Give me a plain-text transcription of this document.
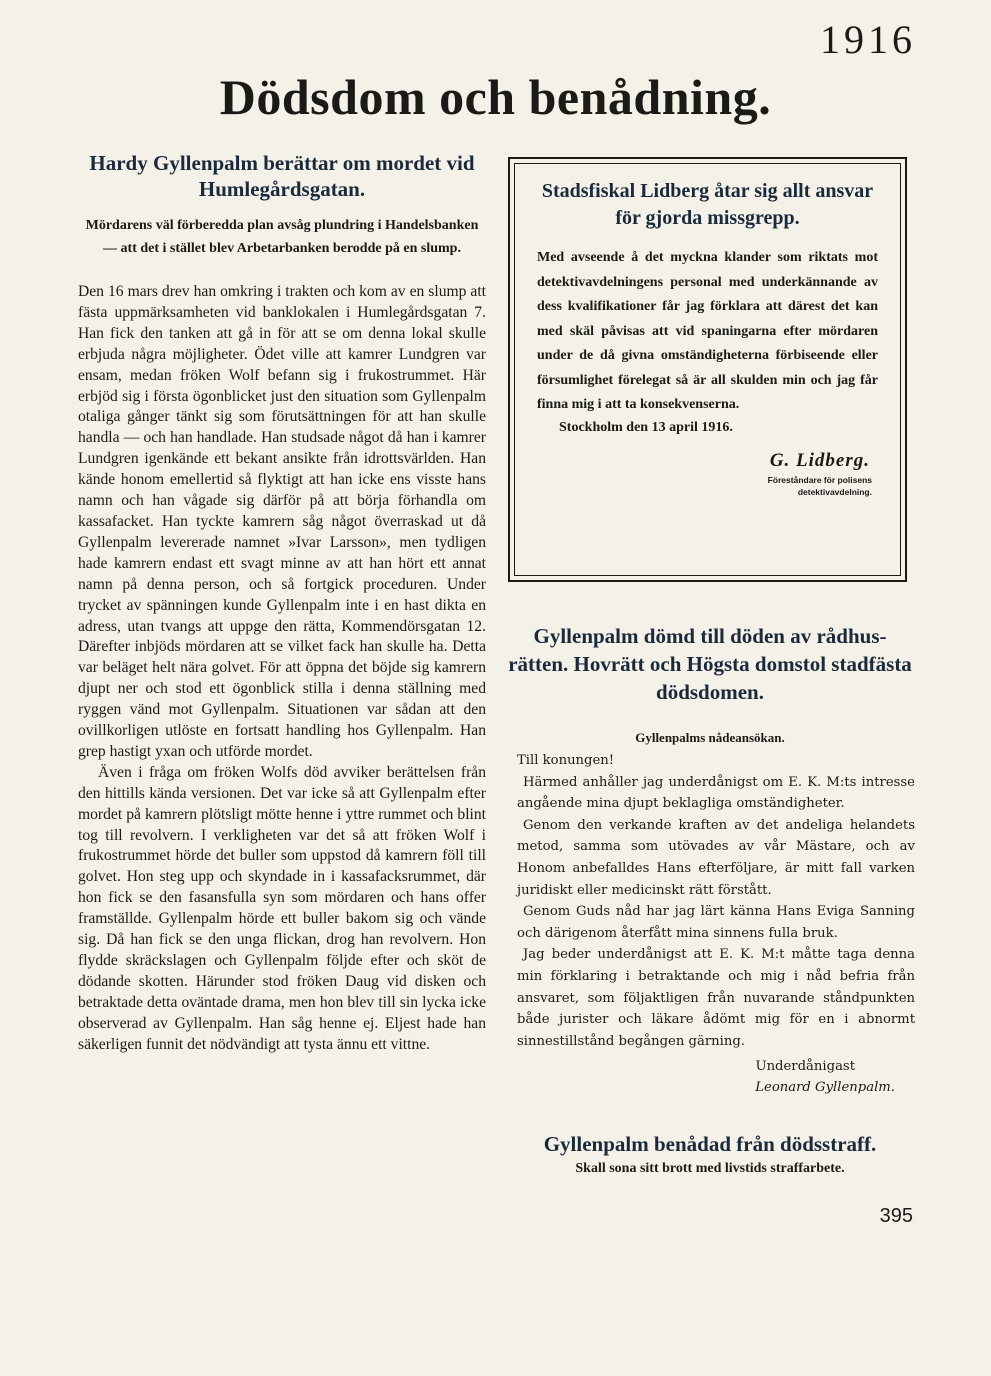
1916
Dödsdom och benådning.
Hardy Gyllenpalm berättar om mordet vid Humlegårdsgatan.
Mördarens väl förberedda plan avsåg plundring i Handelsbanken — att det i stället blev Arbetarbanken berodde på en slump.

Den 16 mars drev han omkring i trakten och kom av en slump att fästa uppmärksamheten vid banklokalen i Humlegårdsgatan 7. Han fick den tanken att gå in för att se om denna lokal skulle erbjuda några möjligheter. Ödet ville att kamrer Lundgren var ensam, medan fröken Wolf befann sig i frukostrummet. Här erbjöd sig i första ögonblicket just den situation som Gyllenpalm otaliga gånger tänkt sig som förutsättningen för att han skulle handla — och han handlade. Han studsade något då han i kamrer Lundgren igenkände ett bekant ansikte från idrottsvärlden. Han kände honom emellertid så flyktigt att han icke ens visste hans namn och han vågade sig därför på att börja förhandla om kassafacket. Han tyckte kamrern såg något överraskad ut då Gyllenpalm levererade namnet »Ivar Larsson», men tydligen hade kamrern endast ett svagt minne av att han hört ett annat namn på denna person, och så fortgick proceduren. Under trycket av spänningen kunde Gyllenpalm inte i en hast dikta en adress, utan tvangs att uppge den rätta, Kommendörsgatan 12. Därefter inbjöds mördaren att se vilket fack han skulle ha. Detta var beläget helt nära golvet. För att öppna det böjde sig kamrern djupt ner och stod ett ögonblick stilla i denna ställning med ryggen vänd mot Gyllenpalm. Situationen var sådan att den ovillkorligen utlöste en fortsatt handling hos Gyllenpalm. Han grep hastigt yxan och utförde mordet.

Även i fråga om fröken Wolfs död avviker berättelsen från den hittills kända versionen. Det var icke så att Gyllenpalm efter mordet på kamrern plötsligt mötte henne i yttre rummet och blint tog till revolvern. I verkligheten var det så att fröken Wolf i frukostrummet hörde det buller som uppstod då kamrern föll till golvet. Hon steg upp och skyndade in i kassafacksrummet, där hon fick se den fasansfulla syn som mördaren och hans offer framställde. Gyllenpalm hörde ett buller bakom sig och vände sig. Då han fick se den unga flickan, drog han revolvern. Hon flydde skräckslagen och Gyllenpalm följde efter och sköt de dödande skotten. Härunder stod fröken Daug vid disken och betraktade detta oväntade drama, men hon blev till sin lycka icke observerad av Gyllenpalm. Han såg henne ej. Eljest hade han säkerligen funnit det nödvändigt att tysta ännu ett vittne.

Stadsfiskal Lidberg åtar sig allt ansvar för gjorda missgrepp.

Med avseende å det myckna klander som riktats mot detektivavdelningens personal med underkännande av dess kvalifikationer får jag förklara att därest det kan med skäl påvisas att vid spaningarna efter mördaren under de då givna omständigheterna förbiseende eller försumlighet förelegat så är all skulden min och jag får finna mig i att ta konsekvenserna.

Stockholm den 13 april 1916.
G. Lidberg.
Föreståndare för polisens
detektivavdelning.
Gyllenpalm dömd till döden av rådhus-rätten. Hovrätt och Högsta domstol stadfästa dödsdomen.
Gyllenpalms nådeansökan.

Till konungen!

Härmed anhåller jag underdånigst om E. K. M:ts intresse angående mina djupt beklagliga omständigheter.

Genom den verkande kraften av det andeliga helandets metod, samma som utövades av vår Mästare, och av Honom anbefalldes Hans efterföljare, är mitt fall varken juridiskt eller medicinskt rätt förstått.

Genom Guds nåd har jag lärt känna Hans Eviga Sanning och därigenom återfått mina sinnens fulla bruk.

Jag beder underdånigst att E. K. M:t måtte taga denna min förklaring i betraktande och mig i nåd befria från ansvaret, som följaktligen från nuvarande ståndpunkten både jurister och läkare ådömt mig för en i abnormt sinnestillstånd begången gärning.

Underdånigast
Leonard Gyllenpalm.
Gyllenpalm benådad från dödsstraff.
Skall sona sitt brott med livstids straffarbete.
395
